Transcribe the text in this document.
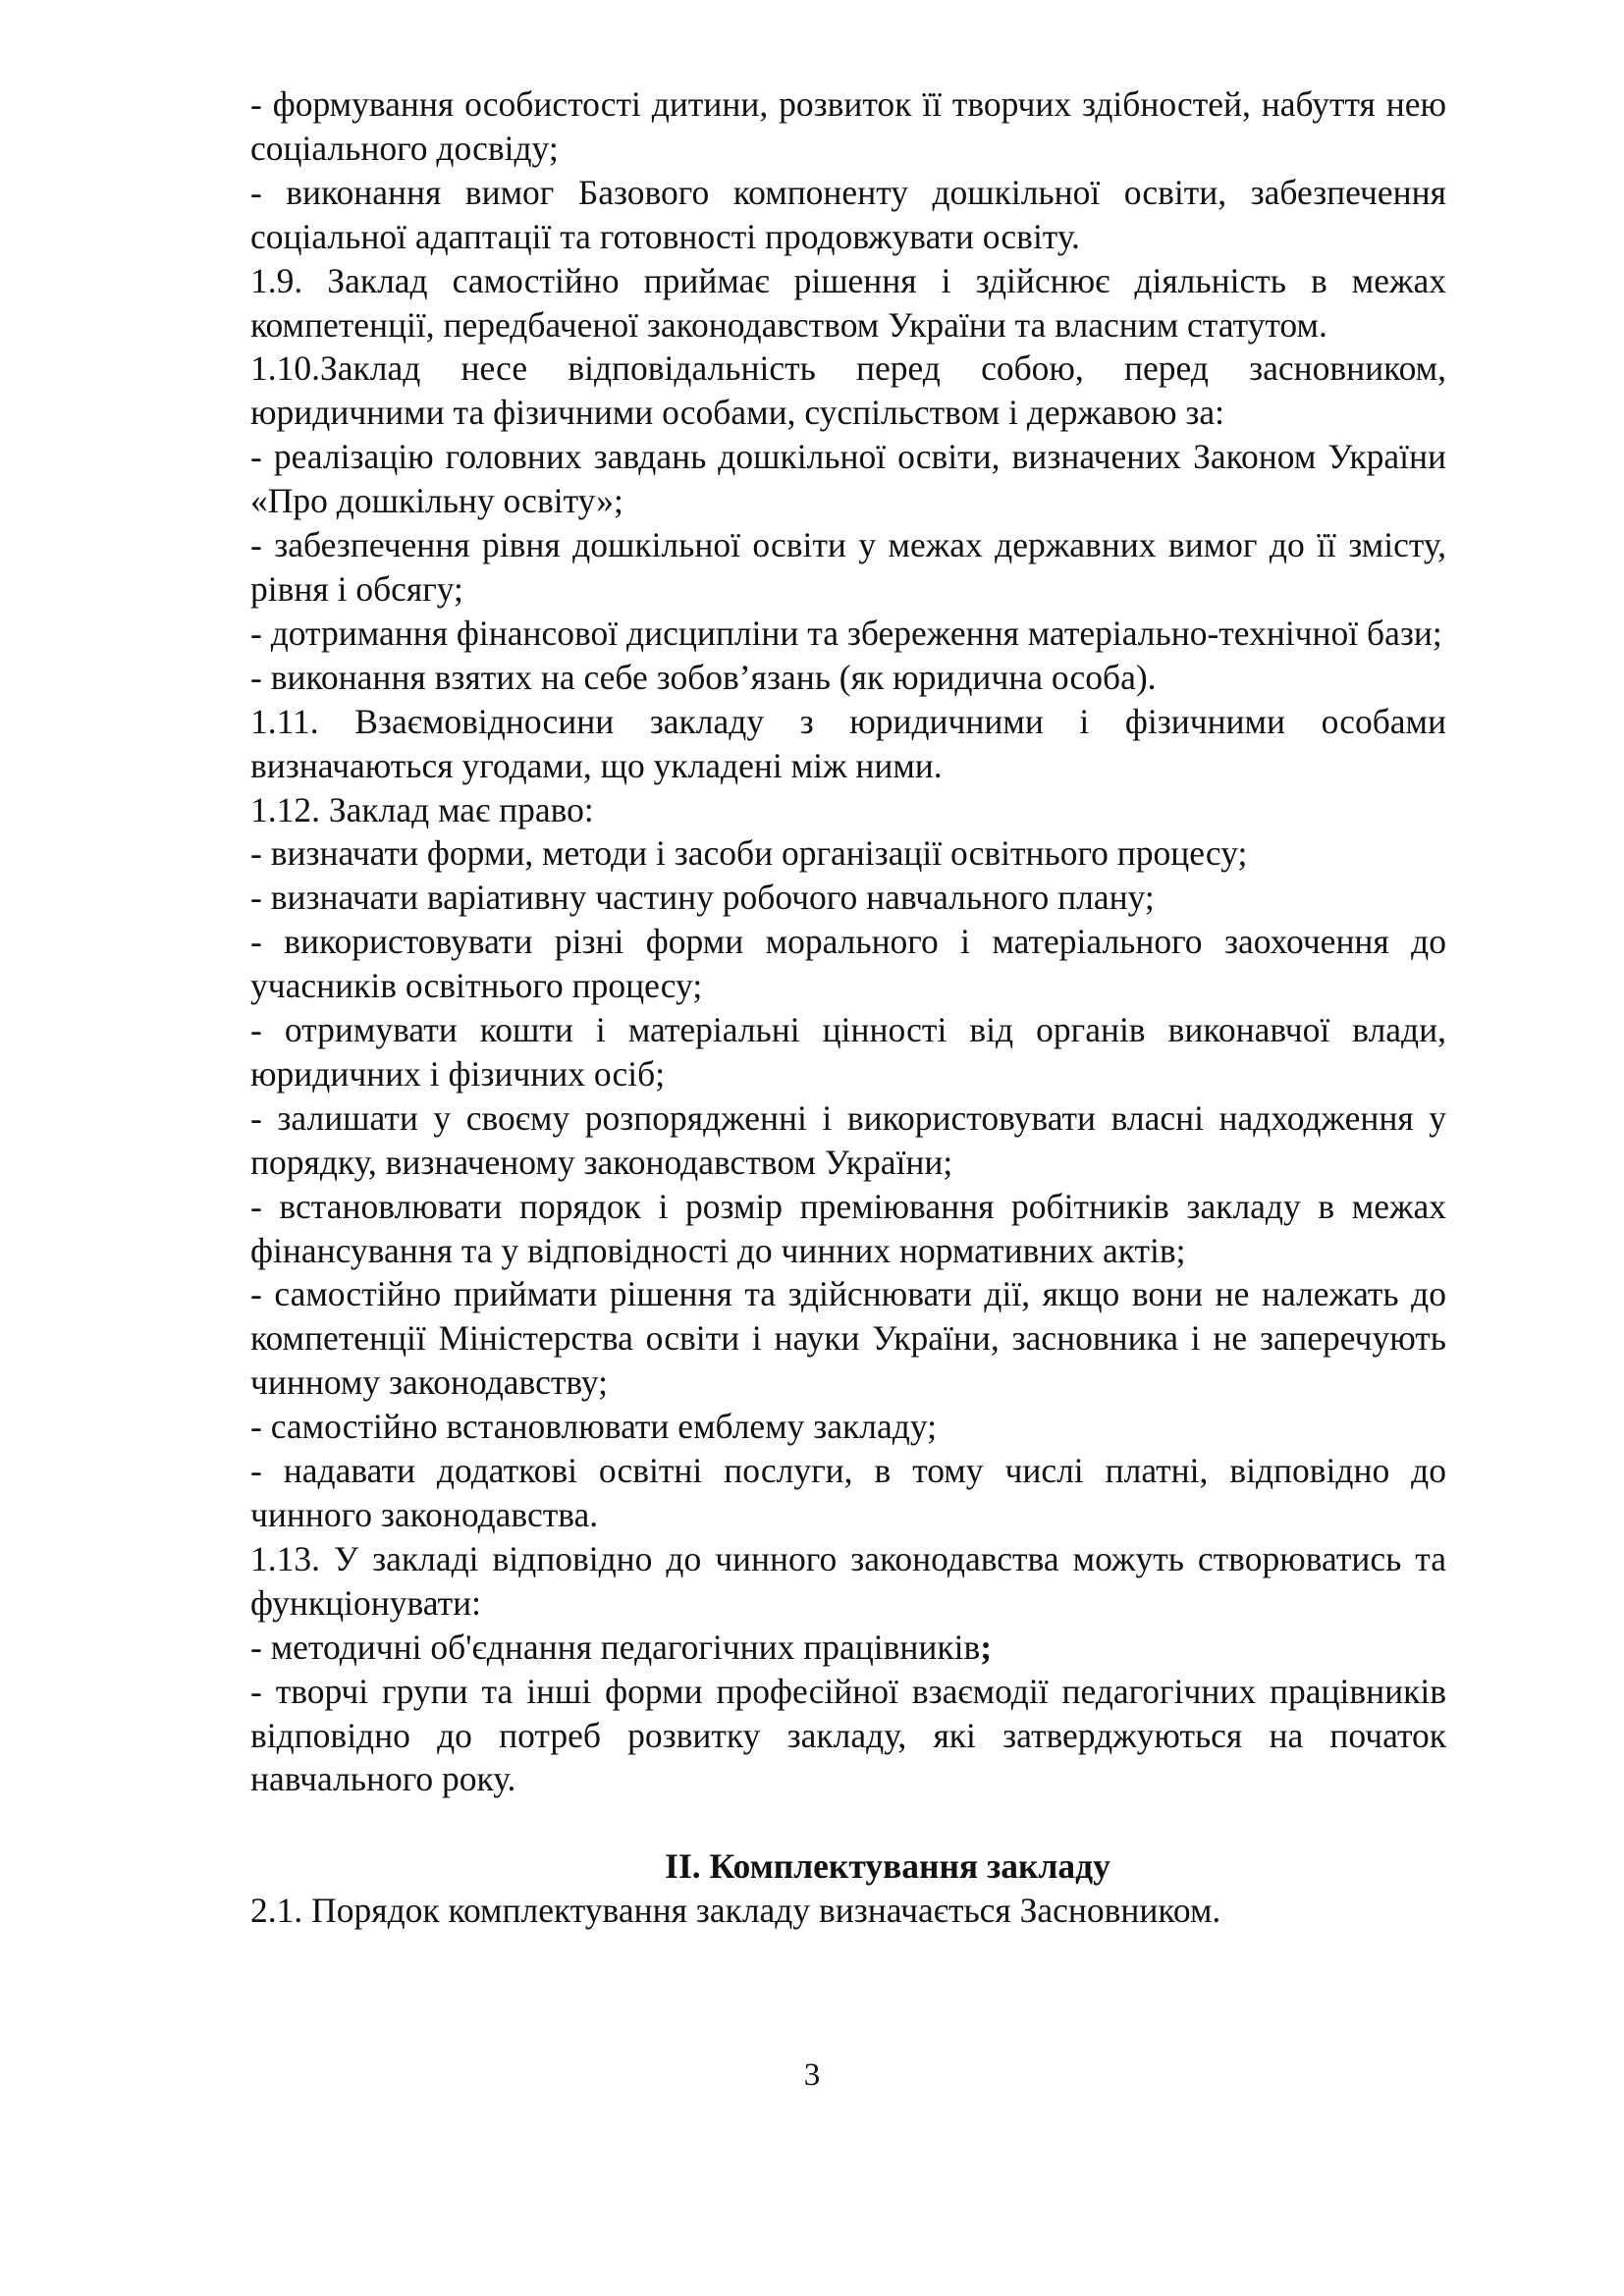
- формування особистості дитини, розвиток її творчих здібностей, набуття нею соціального досвіду;

- виконання вимог Базового компоненту дошкільної освіти, забезпечення соціальної адаптації та готовності продовжувати освіту.

1.9. Заклад самостійно приймає рішення і здійснює діяльність в межах компетенції, передбаченої законодавством України та власним статутом.

1.10.Заклад несе відповідальність перед собою, перед засновником, юридичними та фізичними особами, суспільством і державою за:

- реалізацію головних завдань дошкільної освіти, визначених Законом України «Про дошкільну освіту»;

- забезпечення рівня дошкільної освіти у межах державних вимог до її змісту, рівня і обсягу;

- дотримання фінансової дисципліни та збереження матеріально-технічної бази;

- виконання взятих на себе зобов’язань (як юридична особа).

1.11. Взаємовідносини закладу з юридичними і фізичними особами визначаються угодами, що укладені між ними.

1.12. Заклад має право:

- визначати форми, методи і засоби організації освітнього процесу;

- визначати варіативну частину робочого навчального плану;

- використовувати різні форми морального і матеріального заохочення до учасників освітнього процесу;

- отримувати кошти і матеріальні цінності від органів виконавчої влади, юридичних і фізичних осіб;

- залишати у своєму розпорядженні і використовувати власні надходження у порядку, визначеному законодавством України;

- встановлювати порядок і розмір преміювання робітників закладу в межах фінансування та у відповідності до чинних нормативних актів;

- самостійно приймати рішення та здійснювати дії, якщо вони не належать до компетенції Міністерства освіти і науки України, засновника і не заперечують чинному законодавству;

- самостійно встановлювати емблему закладу;

- надавати додаткові освітні послуги, в тому числі платні, відповідно до чинного законодавства.

1.13. У закладі відповідно до чинного законодавства можуть створюватись та функціонувати:

- методичні об'єднання педагогічних працівників;

- творчі групи та інші форми професійної взаємодії педагогічних працівників відповідно до потреб розвитку закладу, які затверджуються на початок навчального року.

ІІ. Комплектування закладу

2.1. Порядок комплектування закладу визначається Засновником.

3
